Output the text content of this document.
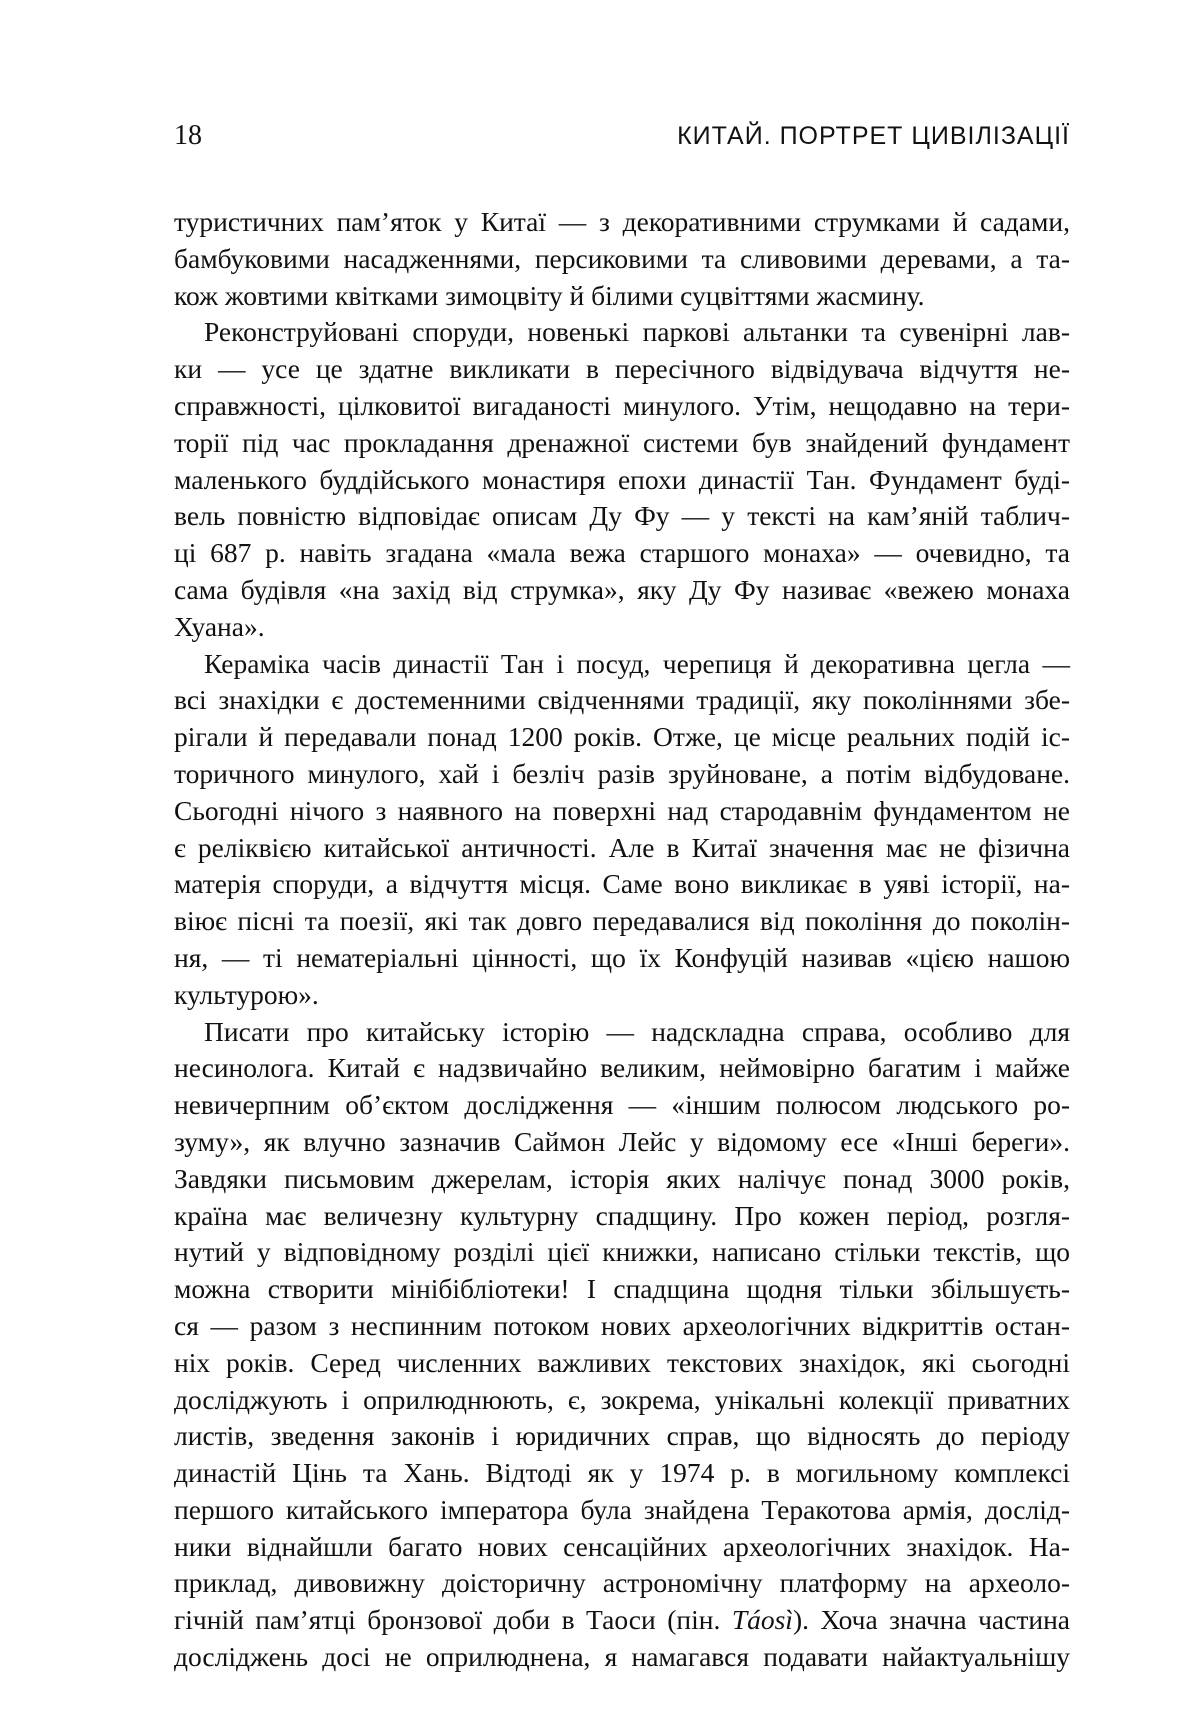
18	КИТАЙ. ПОРТРЕТ ЦИВІЛІЗАЦІЇ
туристичних пам’яток у Китаї — з декоративними струмками й садами,
бамбуковими насадженнями, персиковими та сливовими деревами, а та-
кож жовтими квітками зимоцвіту й білими суцвіттями жасмину.
Реконструйовані споруди, новенькі паркові альтанки та сувенірні лав-
ки — усе це здатне викликати в пересічного відвідувача відчуття не-
справжності, цілковитої вигаданості минулого. Утім, нещодавно на тери-
торії під час прокладання дренажної системи був знайдений фундамент
маленького буддійського монастиря епохи династії Тан. Фундамент буді-
вель повністю відповідає описам Ду Фу — у тексті на кам’яній таблич-
ці 687 р. навіть згадана «мала вежа старшого монаха» — очевидно, та
сама будівля «на захід від струмка», яку Ду Фу називає «вежею монаха
Хуана».
Кераміка часів династії Тан і посуд, черепиця й декоративна цегла —
всі знахідки є достеменними свідченнями традиції, яку поколіннями збе-
рігали й передавали понад 1200 років. Отже, це місце реальних подій іс-
торичного минулого, хай і безліч разів зруйноване, а потім відбудоване.
Сьогодні нічого з наявного на поверхні над стародавнім фундаментом не
є реліквією китайської античності. Але в Китаї значення має не фізична
матерія споруди, а відчуття місця. Саме воно викликає в уяві історії, на-
віює пісні та поезії, які так довго передавалися від покоління до поколін-
ня, — ті нематеріальні цінності, що їх Конфуцій називав «цією нашою
культурою».
Писати про китайську історію — надскладна справа, особливо для
несинолога. Китай є надзвичайно великим, неймовірно багатим і майже
невичерпним об’єктом дослідження — «іншим полюсом людського ро-
зуму», як влучно зазначив Саймон Лейс у відомому есе «Інші береги».
Завдяки письмовим джерелам, історія яких налічує понад 3000 років,
країна має величезну культурну спадщину. Про кожен період, розгля-
нутий у відповідному розділі цієї книжки, написано стільки текстів, що
можна створити мінібібліотеки! І спадщина щодня тільки збільшуєть-
ся — разом з неспинним потоком нових археологічних відкриттів остан-
ніх років. Серед численних важливих текстових знахідок, які сьогодні
досліджують і оприлюднюють, є, зокрема, унікальні колекції приватних
листів, зведення законів і юридичних справ, що відносять до періоду
династій Цінь та Хань. Відтоді як у 1974 р. в могильному комплексі
першого китайського імператора була знайдена Теракотова армія, дослід-
ники віднайшли багато нових сенсаційних археологічних знахідок. На-
приклад, дивовижну доісторичну астрономічну платформу на археоло-
гічній пам’ятці бронзової доби в Таоси (пін. Táosì). Хоча значна частина
досліджень досі не оприлюднена, я намагався подавати найактуальнішу
